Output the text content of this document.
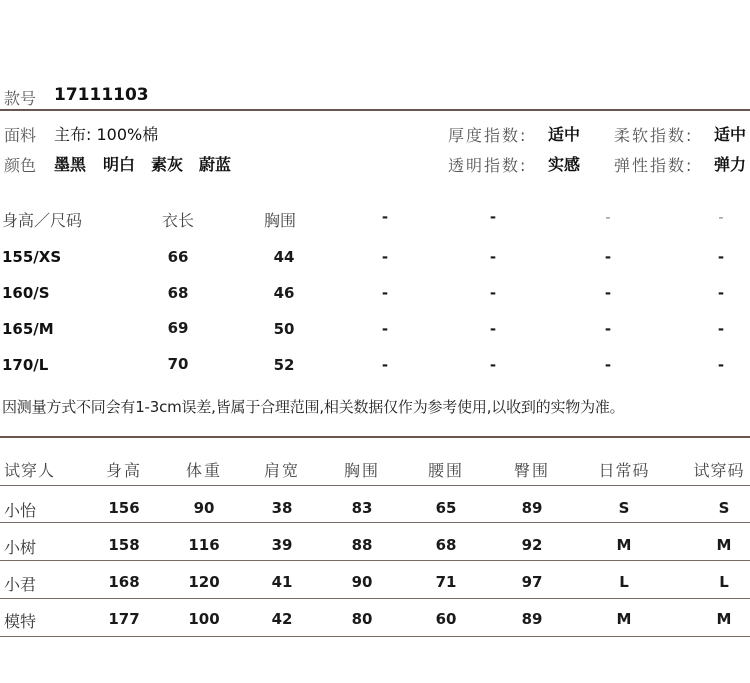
款号 17111103
面料 主布: 100%棉
颜色 墨黑 明白 素灰 蔚蓝
厚度指数: 适中 柔软指数: 适中
透明指数: 实感 弹性指数: 弹力
身高／尺码	衣长	胸围	-	-	-	-
155/XS	66	44	-	-	-	-
160/S	68	46	-	-	-	-
165/M	69	50	-	-	-	-
170/L	70	52	-	-	-	-
因测量方式不同会有1-3cm误差,皆属于合理范围,相关数据仅作为参考使用,以收到的实物为准。
试穿人	身高	体重	肩宽	胸围	腰围	臀围	日常码	试穿码
小怡	156	90	38	83	65	89	S	S
小树	158	116	39	88	68	92	M	M
小君	168	120	41	90	71	97	L	L
模特	177	100	42	80	60	89	M	M
